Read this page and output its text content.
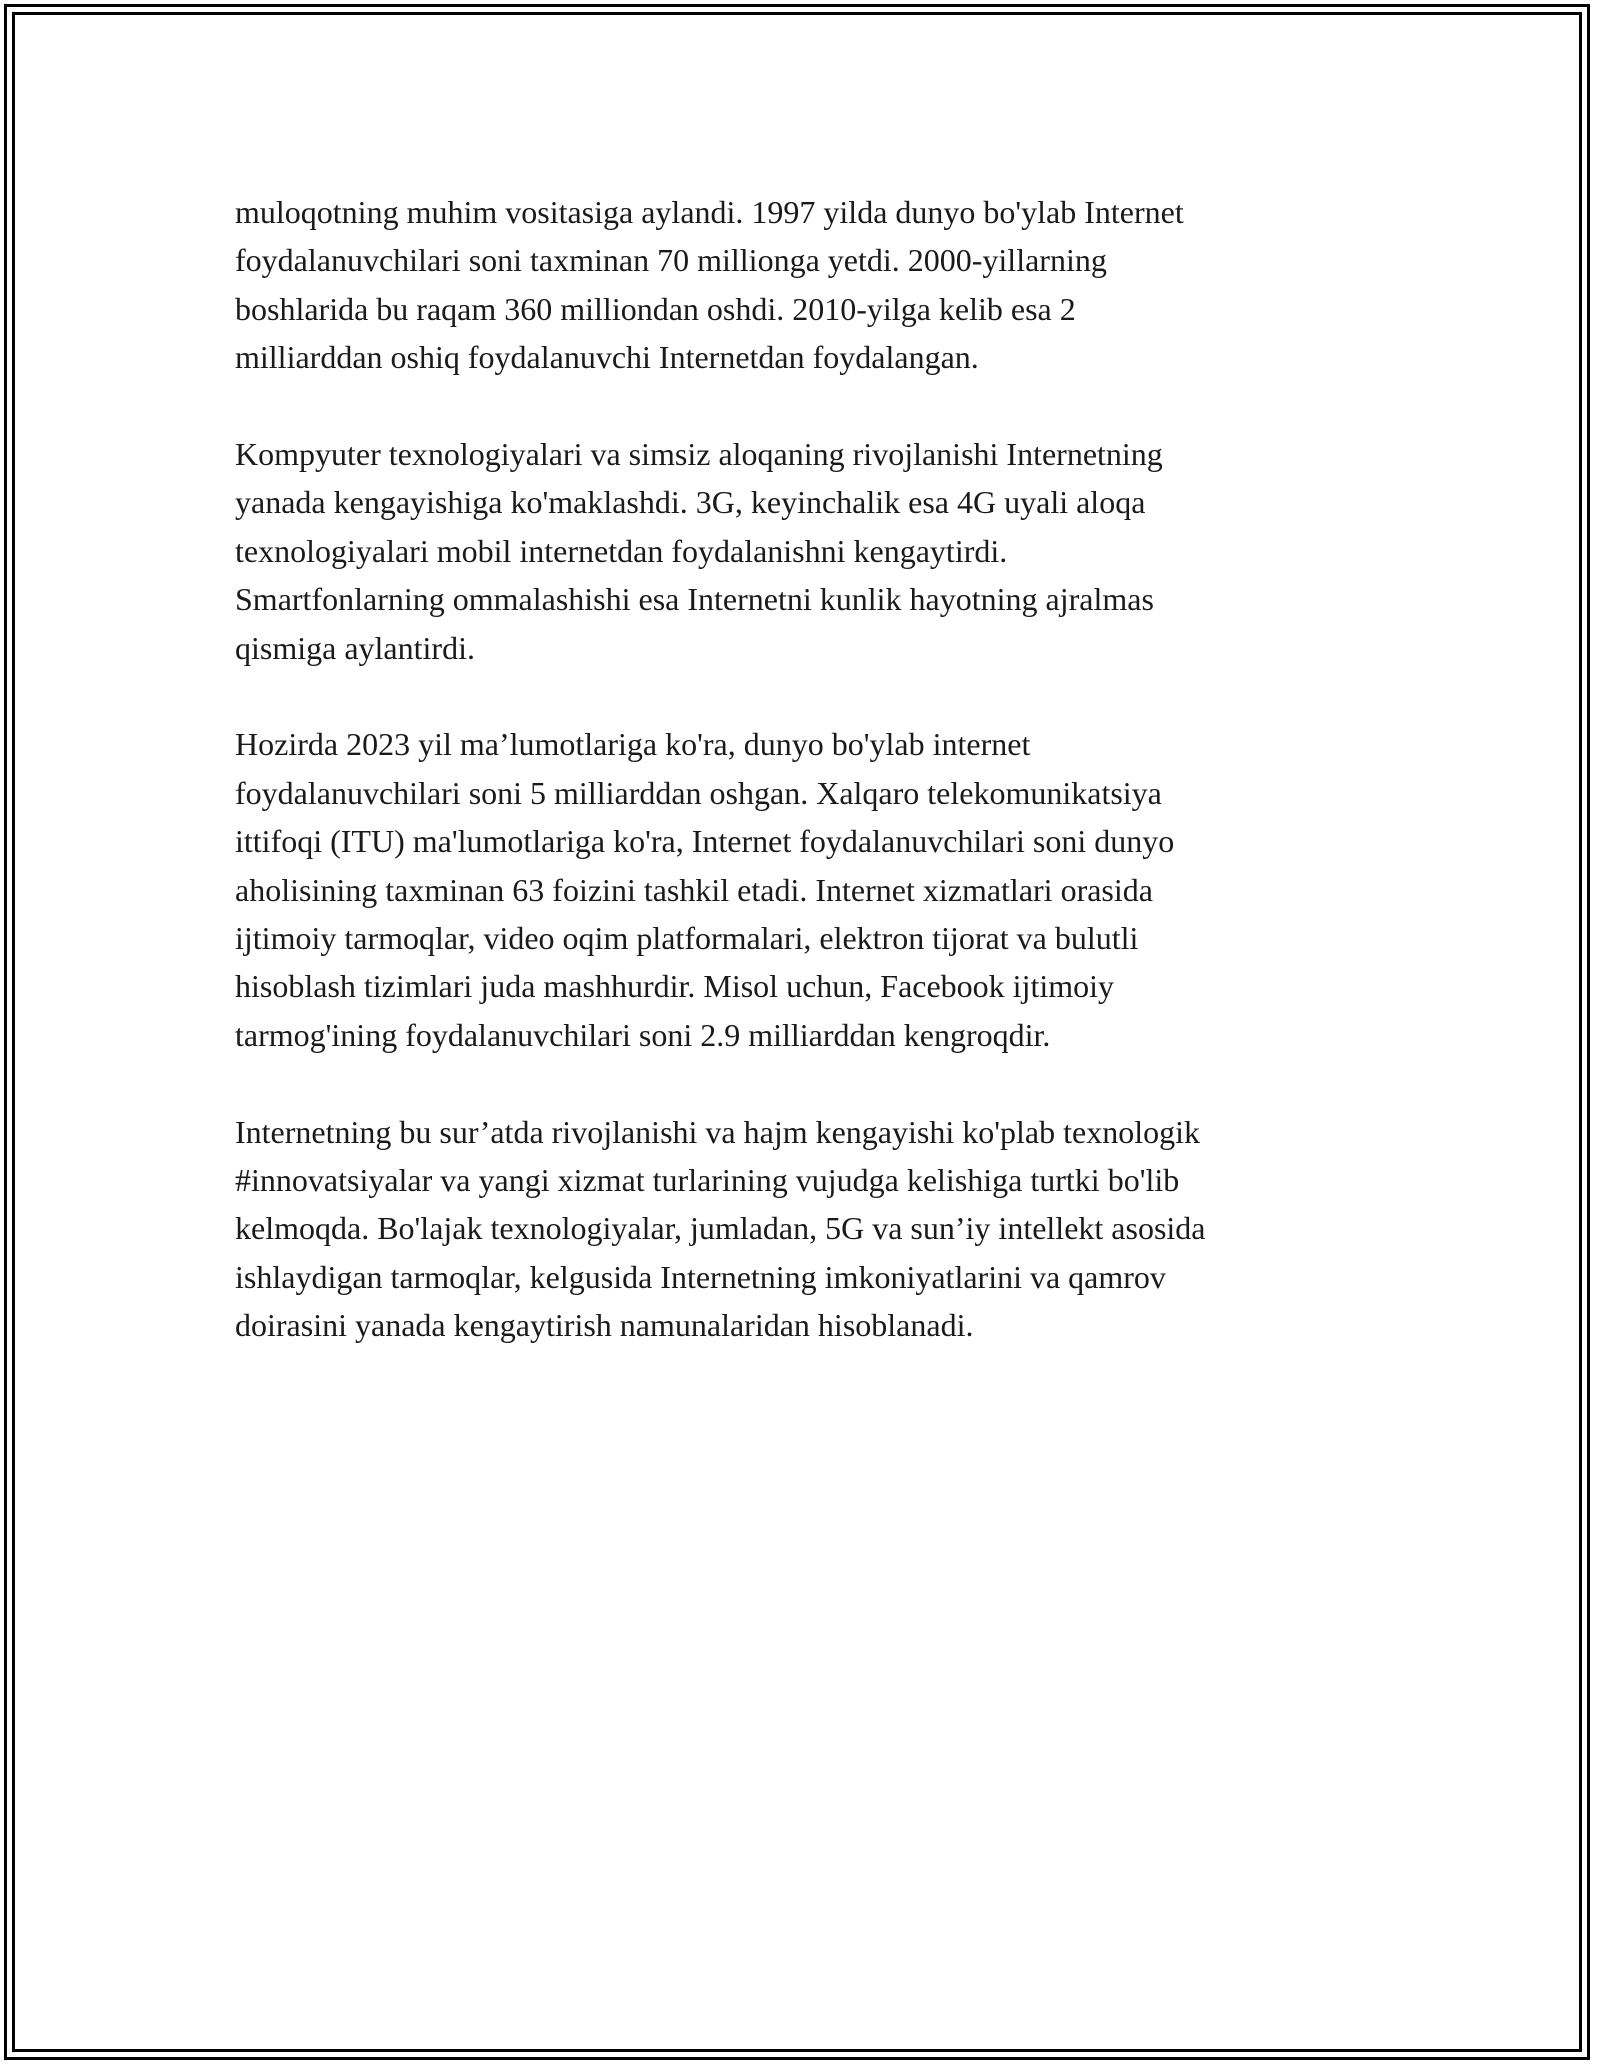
muloqotning muhim vositasiga aylandi. 1997 yilda dunyo bo'ylab Internet
foydalanuvchilari soni taxminan 70 millionga yetdi. 2000-yillarning
boshlarida bu raqam 360 milliondan oshdi. 2010-yilga kelib esa 2
milliarddan oshiq foydalanuvchi Internetdan foydalangan.

Kompyuter texnologiyalari va simsiz aloqaning rivojlanishi Internetning
yanada kengayishiga ko'maklashdi. 3G, keyinchalik esa 4G uyali aloqa
texnologiyalari mobil internetdan foydalanishni kengaytirdi.
Smartfonlarning ommalashishi esa Internetni kunlik hayotning ajralmas
qismiga aylantirdi.

Hozirda 2023 yil ma’lumotlariga ko'ra, dunyo bo'ylab internet
foydalanuvchilari soni 5 milliarddan oshgan. Xalqaro telekomunikatsiya
ittifoqi (ITU) ma'lumotlariga ko'ra, Internet foydalanuvchilari soni dunyo
aholisining taxminan 63 foizini tashkil etadi. Internet xizmatlari orasida
ijtimoiy tarmoqlar, video oqim platformalari, elektron tijorat va bulutli
hisoblash tizimlari juda mashhurdir. Misol uchun, Facebook ijtimoiy
tarmog'ining foydalanuvchilari soni 2.9 milliarddan kengroqdir.

Internetning bu sur’atda rivojlanishi va hajm kengayishi ko'plab texnologik
#innovatsiyalar va yangi xizmat turlarining vujudga kelishiga turtki bo'lib
kelmoqda. Bo'lajak texnologiyalar, jumladan, 5G va sun’iy intellekt asosida
ishlaydigan tarmoqlar, kelgusida Internetning imkoniyatlarini va qamrov
doirasini yanada kengaytirish namunalaridan hisoblanadi.
